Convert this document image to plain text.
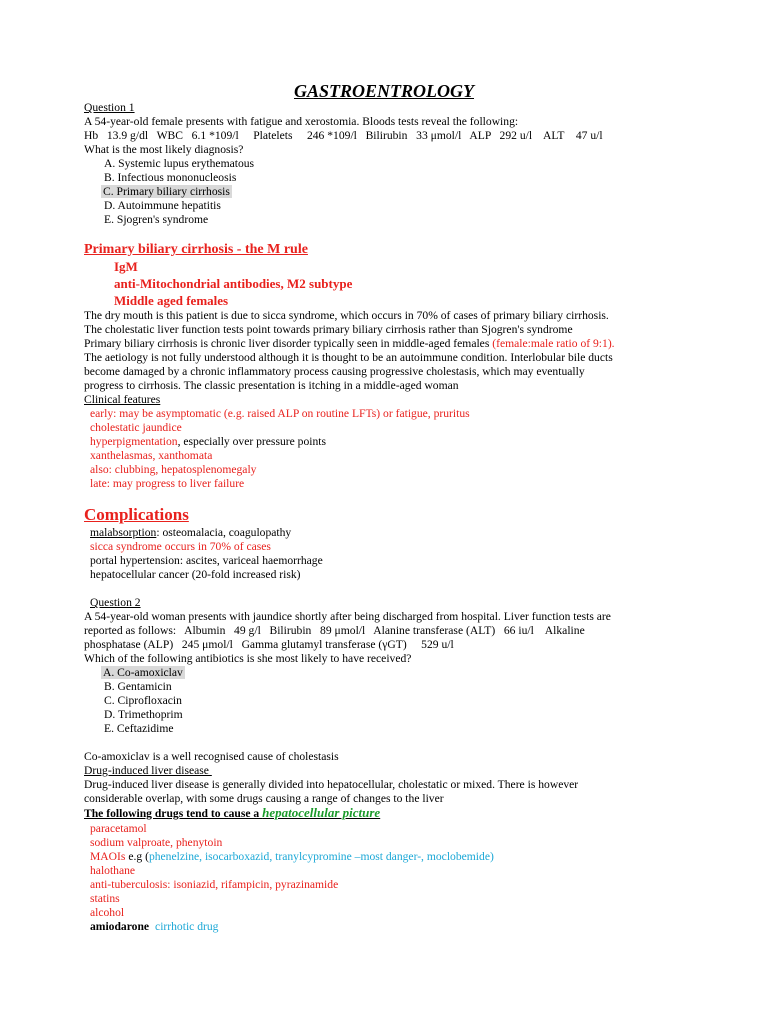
GASTROENTROLOGY
Question 1
A 54-year-old female presents with fatigue and xerostomia. Bloods tests reveal the following:
Hb   13.9 g/dl   WBC   6.1 *109/l     Platelets     246 *109/l   Bilirubin   33 μmol/l   ALP   292 u/l    ALT    47 u/l
What is the most likely diagnosis?
A. Systemic lupus erythematous
B. Infectious mononucleosis
C. Primary biliary cirrhosis
D. Autoimmune hepatitis
E. Sjogren's syndrome
Primary biliary cirrhosis - the M rule
IgM
anti-Mitochondrial antibodies, M2 subtype
Middle aged females
The dry mouth is this patient is due to sicca syndrome, which occurs in 70% of cases of primary biliary cirrhosis.
The cholestatic liver function tests point towards primary biliary cirrhosis rather than Sjogren's syndrome
Primary biliary cirrhosis is chronic liver disorder typically seen in middle-aged females (female:male ratio of 9:1).
The aetiology is not fully understood although it is thought to be an autoimmune condition. Interlobular bile ducts
become damaged by a chronic inflammatory process causing progressive cholestasis, which may eventually
progress to cirrhosis. The classic presentation is itching in a middle-aged woman
Clinical features
early: may be asymptomatic (e.g. raised ALP on routine LFTs) or fatigue, pruritus
cholestatic jaundice
hyperpigmentation, especially over pressure points
xanthelasmas, xanthomata
also: clubbing, hepatosplenomegaly
late: may progress to liver failure
Complications
malabsorption: osteomalacia, coagulopathy
sicca syndrome occurs in 70% of cases
portal hypertension: ascites, variceal haemorrhage
hepatocellular cancer (20-fold increased risk)
Question 2
A 54-year-old woman presents with jaundice shortly after being discharged from hospital. Liver function tests are
reported as follows:   Albumin   49 g/l   Bilirubin   89 μmol/l   Alanine transferase (ALT)   66 iu/l    Alkaline
phosphatase (ALP)   245 μmol/l   Gamma glutamyl transferase (γGT)     529 u/l
Which of the following antibiotics is she most likely to have received?
A. Co-amoxiclav
B. Gentamicin
C. Ciprofloxacin
D. Trimethoprim
E. Ceftazidime
Co-amoxiclav is a well recognised cause of cholestasis
Drug-induced liver disease
Drug-induced liver disease is generally divided into hepatocellular, cholestatic or mixed. There is however
considerable overlap, with some drugs causing a range of changes to the liver
The following drugs tend to cause a hepatocellular picture
paracetamol
sodium valproate, phenytoin
MAOIs e.g (phenelzine, isocarboxazid, tranylcypromine –most danger-, moclobemide)
halothane
anti-tuberculosis: isoniazid, rifampicin, pyrazinamide
statins
alcohol
amiodarone cirrhotic drug
